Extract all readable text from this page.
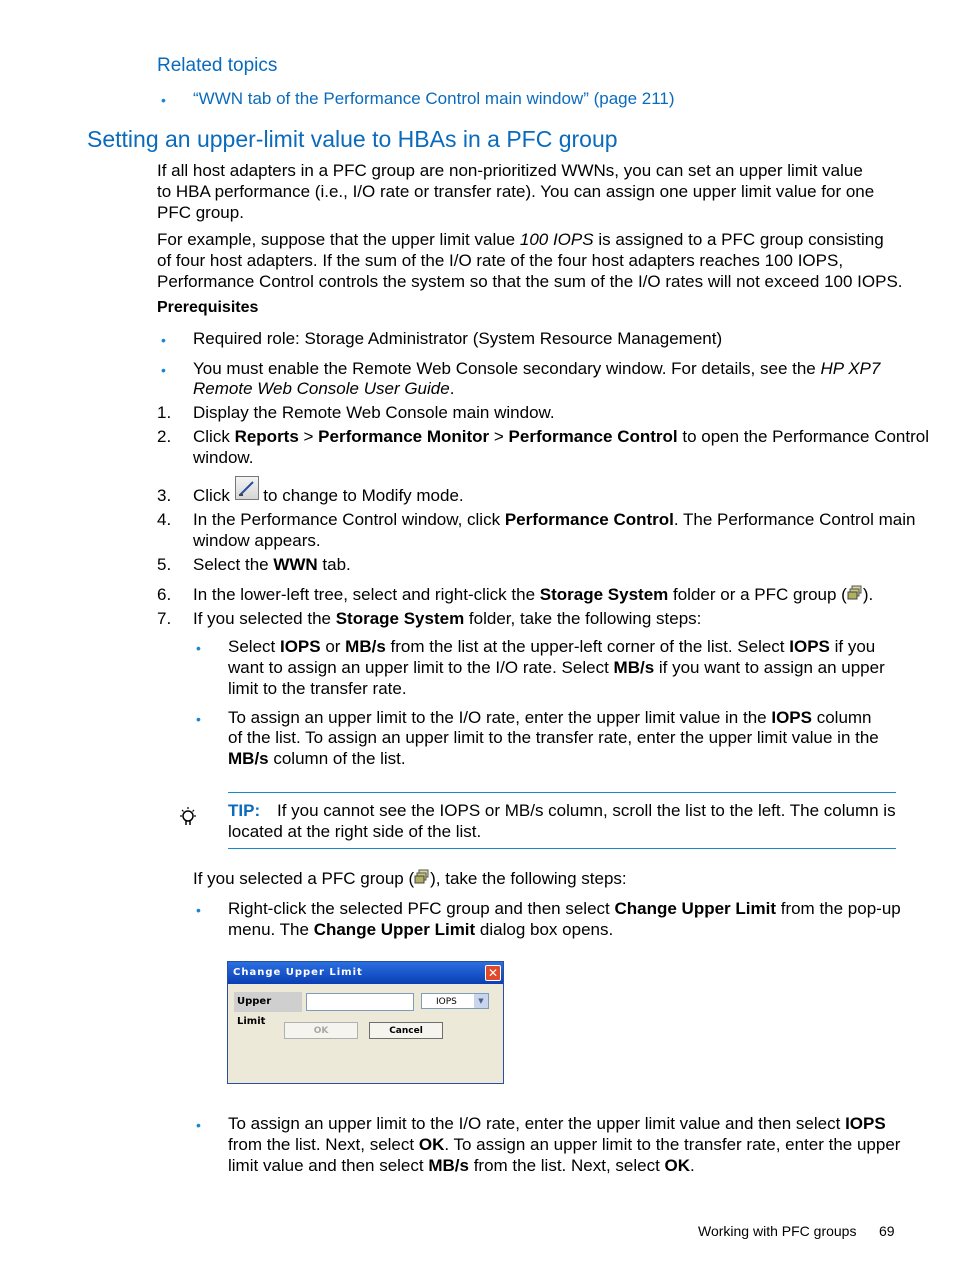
Related topics
• “WWN tab of the Performance Control main window” (page 211)
Setting an upper-limit value to HBAs in a PFC group
If all host adapters in a PFC group are non-prioritized WWNs, you can set an upper limit value
to HBA performance (i.e., I/O rate or transfer rate). You can assign one upper limit value for one
PFC group.
For example, suppose that the upper limit value 100 IOPS is assigned to a PFC group consisting
of four host adapters. If the sum of the I/O rate of the four host adapters reaches 100 IOPS,
Performance Control controls the system so that the sum of the I/O rates will not exceed 100 IOPS.
Prerequisites
• Required role: Storage Administrator (System Resource Management)
• You must enable the Remote Web Console secondary window. For details, see the HP XP7
Remote Web Console User Guide.
1. Display the Remote Web Console main window.
2. Click Reports > Performance Monitor > Performance Control to open the Performance Control
window.
3. Click  to change to Modify mode.
4. In the Performance Control window, click Performance Control. The Performance Control main
window appears.
5. Select the WWN tab.
6. In the lower-left tree, select and right-click the Storage System folder or a PFC group ( ).
7. If you selected the Storage System folder, take the following steps:
• Select IOPS or MB/s from the list at the upper-left corner of the list. Select IOPS if you
want to assign an upper limit to the I/O rate. Select MB/s if you want to assign an upper
limit to the transfer rate.
• To assign an upper limit to the I/O rate, enter the upper limit value in the IOPS column
of the list. To assign an upper limit to the transfer rate, enter the upper limit value in the
MB/s column of the list.
TIP: If you cannot see the IOPS or MB/s column, scroll the list to the left. The column is
located at the right side of the list.
If you selected a PFC group ( ), take the following steps:
• Right-click the selected PFC group and then select Change Upper Limit from the pop-up
menu. The Change Upper Limit dialog box opens.
Change Upper Limit	✕
Upper Limit
IOPS	▼
OK	Cancel
• To assign an upper limit to the I/O rate, enter the upper limit value and then select IOPS
from the list. Next, select OK. To assign an upper limit to the transfer rate, enter the upper
limit value and then select MB/s from the list. Next, select OK.
Working with PFC groups 69
